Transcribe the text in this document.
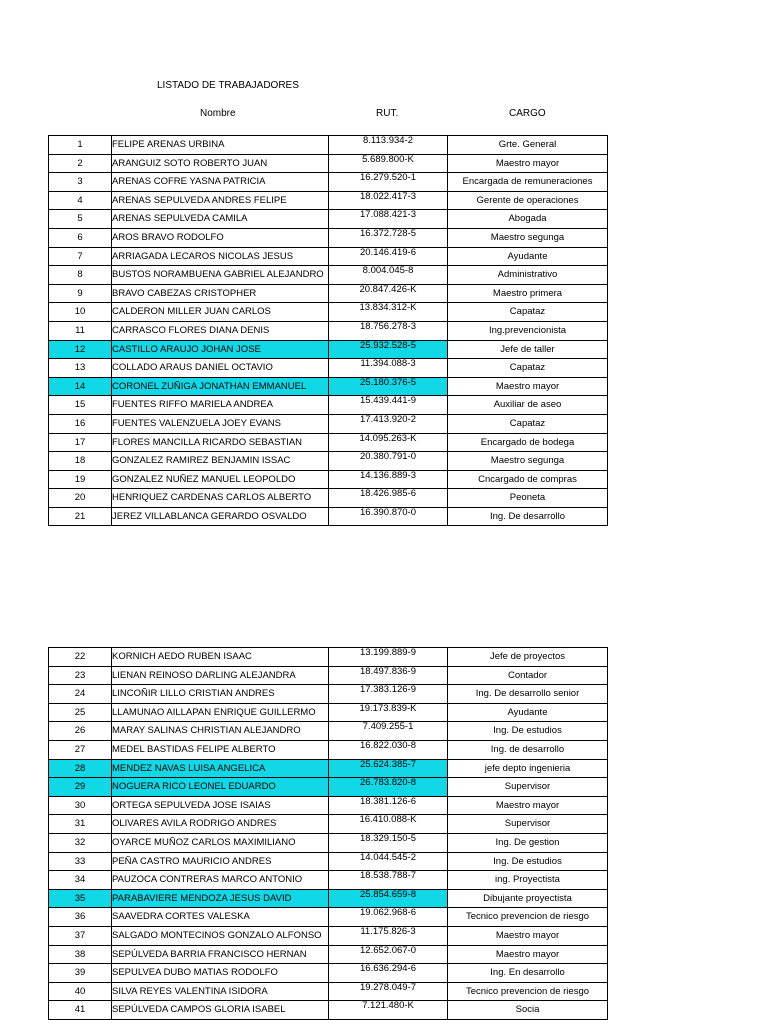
LISTADO DE TRABAJADORES
Nombre	RUT.	CARGO
1	FELIPE ARENAS URBINA	8.113.934-2	Grte. General
2	ARANGUIZ SOTO ROBERTO JUAN	5.689.800-K	Maestro mayor
3	ARENAS COFRE YASNA PATRICIA	16.279.520-1	Encargada de remuneraciones
4	ARENAS SEPULVEDA ANDRES FELIPE	18.022.417-3	Gerente de operaciones
5	ARENAS SEPULVEDA CAMILA	17.088.421-3	Abogada
6	AROS BRAVO RODOLFO	16.372.728-5	Maestro segunga
7	ARRIAGADA LECAROS NICOLAS JESUS	20.146.419-6	Ayudante
8	BUSTOS NORAMBUENA GABRIEL ALEJANDRO	8.004.045-8	Administrativo
9	BRAVO CABEZAS CRISTOPHER	20.847.426-K	Maestro primera
10	CALDERON MILLER JUAN CARLOS	13.834.312-K	Capataz
11	CARRASCO FLORES DIANA DENIS	18.756.278-3	Ing.prevencionista
12	CASTILLO ARAUJO JOHAN JOSE	25.932.528-5	Jefe de taller
13	COLLADO ARAUS DANIEL OCTAVIO	11.394.088-3	Capataz
14	CORONEL ZUÑIGA JONATHAN EMMANUEL	25.180.376-5	Maestro mayor
15	FUENTES RIFFO MARIELA ANDREA	15.439.441-9	Auxiliar de aseo
16	FUENTES VALENZUELA JOEY EVANS	17.413.920-2	Capataz
17	FLORES MANCILLA RICARDO SEBASTIAN	14.095.263-K	Encargado de bodega
18	GONZALEZ RAMIREZ BENJAMIN ISSAC	20.380.791-0	Maestro segunga
19	GONZALEZ NUÑEZ MANUEL LEOPOLDO	14.136.889-3	Cncargado de compras
20	HENRIQUEZ CARDENAS CARLOS ALBERTO	18.426.985-6	Peoneta
21	JEREZ VILLABLANCA GERARDO OSVALDO	16.390.870-0	Ing. De desarrollo
22	KORNICH AEDO RUBEN ISAAC	13.199.889-9	Jefe de proyectos
23	LIENAN REINOSO DARLING ALEJANDRA	18.497.836-9	Contador
24	LINCOÑIR LILLO CRISTIAN ANDRES	17.383.126-9	Ing. De desarrollo senior
25	LLAMUNAO AILLAPAN ENRIQUE GUILLERMO	19.173.839-K	Ayudante
26	MARAY SALINAS CHRISTIAN ALEJANDRO	7.409.255-1	Ing. De estudios
27	MEDEL BASTIDAS FELIPE ALBERTO	16.822.030-8	Ing. de desarrollo
28	MENDEZ NAVAS LUISA ANGELICA	25.624.385-7	jefe depto ingenieria
29	NOGUERA RICO LEONEL EDUARDO	26.783.820-8	Supervisor
30	ORTEGA SEPULVEDA JOSE ISAIAS	18.381.126-6	Maestro mayor
31	OLIVARES AVILA RODRIGO ANDRES	16.410.088-K	Supervisor
32	OYARCE MUÑOZ CARLOS MAXIMILIANO	18.329.150-5	Ing. De gestion
33	PEÑA CASTRO MAURICIO ANDRES	14.044.545-2	Ing. De estudios
34	PAUZOCA CONTRERAS MARCO ANTONIO	18.538.788-7	ing. Proyectista
35	PARABAVIERE MENDOZA JESUS DAVID	25.854.659-8	Dibujante proyectista
36	SAAVEDRA CORTES VALESKA	19.062.968-6	Tecnico prevencion de riesgo
37	SALGADO MONTECINOS GONZALO ALFONSO	11.175.826-3	Maestro mayor
38	SEPÚLVEDA BARRIA FRANCISCO HERNAN	12.652.067-0	Maestro mayor
39	SEPULVEA DUBO MATIAS RODOLFO	16.636.294-6	Ing. En desarrollo
40	SILVA REYES VALENTINA ISIDORA	19.278.049-7	Tecnico prevencion de riesgo
41	SEPÚLVEDA CAMPOS GLORIA ISABEL	7.121.480-K	Socia
